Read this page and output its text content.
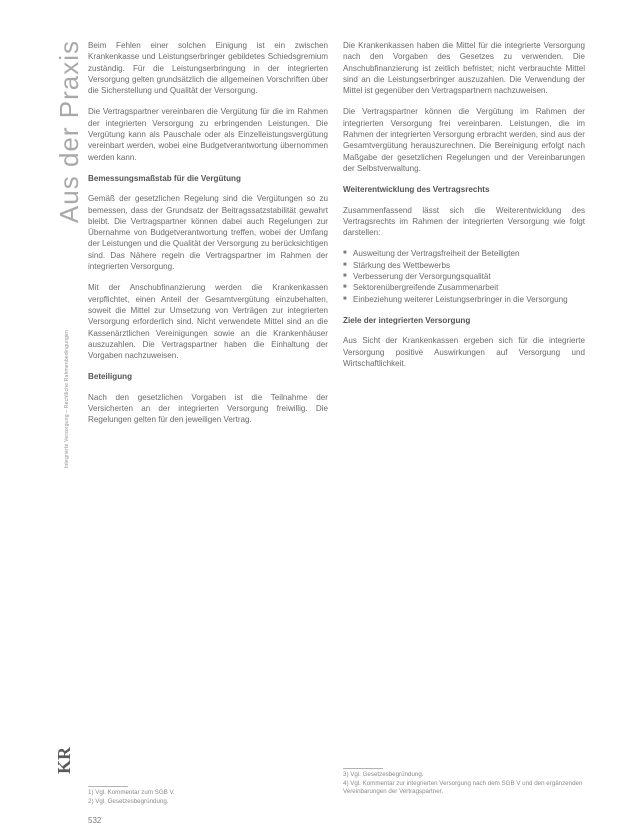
Aus der Praxis
Integrierte Versorgung – Rechtliche Rahmenbedingungen
KR

Beim Fehlen einer solchen Einigung ist ein zwischen Krankenkasse und Leistungserbringer gebildetes Schiedsgremium zuständig. Für die Leistungserbringung in der integrierten Versorgung gelten grundsätzlich die allgemeinen Vorschriften über die Sicherstellung und Qualität der Versorgung.

Die Vertragspartner vereinbaren die Vergütung für die im Rahmen der integrierten Versorgung zu erbringenden Leistungen. Die Vergütung kann als Pauschale oder als Einzelleistungsvergütung vereinbart werden, wobei eine Budgetverantwortung übernommen werden kann.

Bemessungsmaßstab für die Vergütung

Gemäß der gesetzlichen Regelung sind die Vergütungen so zu bemessen, dass der Grundsatz der Beitragssatzstabilität gewahrt bleibt. Die Vertragspartner können dabei auch Regelungen zur Übernahme von Budgetverantwortung treffen, wobei der Umfang der Leistungen und die Qualität der Versorgung zu berücksichtigen sind. Das Nähere regeln die Vertragspartner im Rahmen der integrierten Versorgung.

Mit der Anschubfinanzierung werden die Krankenkassen verpflichtet, einen Anteil der Gesamtvergütung einzubehalten, soweit die Mittel zur Umsetzung von Verträgen zur integrierten Versorgung erforderlich sind. Nicht verwendete Mittel sind an die Kassenärztlichen Vereinigungen sowie an die Krankenhäuser auszuzahlen. Die Vertragspartner haben die Einhaltung der Vorgaben nachzuweisen.

Beteiligung

Nach den gesetzlichen Vorgaben ist die Teilnahme der Versicherten an der integrierten Versorgung freiwillig. Die Regelungen gelten für den jeweiligen Vertrag.

Die Krankenkassen haben die Mittel für die integrierte Versorgung nach den Vorgaben des Gesetzes zu verwenden. Die Anschubfinanzierung ist zeitlich befristet; nicht verbrauchte Mittel sind an die Leistungserbringer auszuzahlen. Die Verwendung der Mittel ist gegenüber den Vertragspartnern nachzuweisen.

Die Vertragspartner können die Vergütung im Rahmen der integrierten Versorgung frei vereinbaren. Leistungen, die im Rahmen der integrierten Versorgung erbracht werden, sind aus der Gesamtvergütung herauszurechnen. Die Bereinigung erfolgt nach Maßgabe der gesetzlichen Regelungen und der Vereinbarungen der Selbstverwaltung.

Weiterentwicklung des Vertragsrechts

Zusammenfassend lässt sich die Weiterentwicklung des Vertragsrechts im Rahmen der integrierten Versorgung wie folgt darstellen:

■ Ausweitung der Vertragsfreiheit der Beteiligten
■ Stärkung des Wettbewerbs
■ Verbesserung der Versorgungsqualität
■ Sektorenübergreifende Zusammenarbeit
■ Einbeziehung weiterer Leistungserbringer in die Versorgung
Ziele der integrierten Versorgung

Aus Sicht der Krankenkassen ergeben sich für die integrierte Versorgung positive Auswirkungen auf Versorgung und Wirtschaftlichkeit.

1) Vgl. Kommentar zum SGB V.
2) Vgl. Gesetzesbegründung.
3) Vgl. Gesetzesbegründung.
4) Vgl. Kommentar zur integrierten Versorgung nach dem SGB V und den ergänzenden Vereinbarungen der Vertragspartner.
532
